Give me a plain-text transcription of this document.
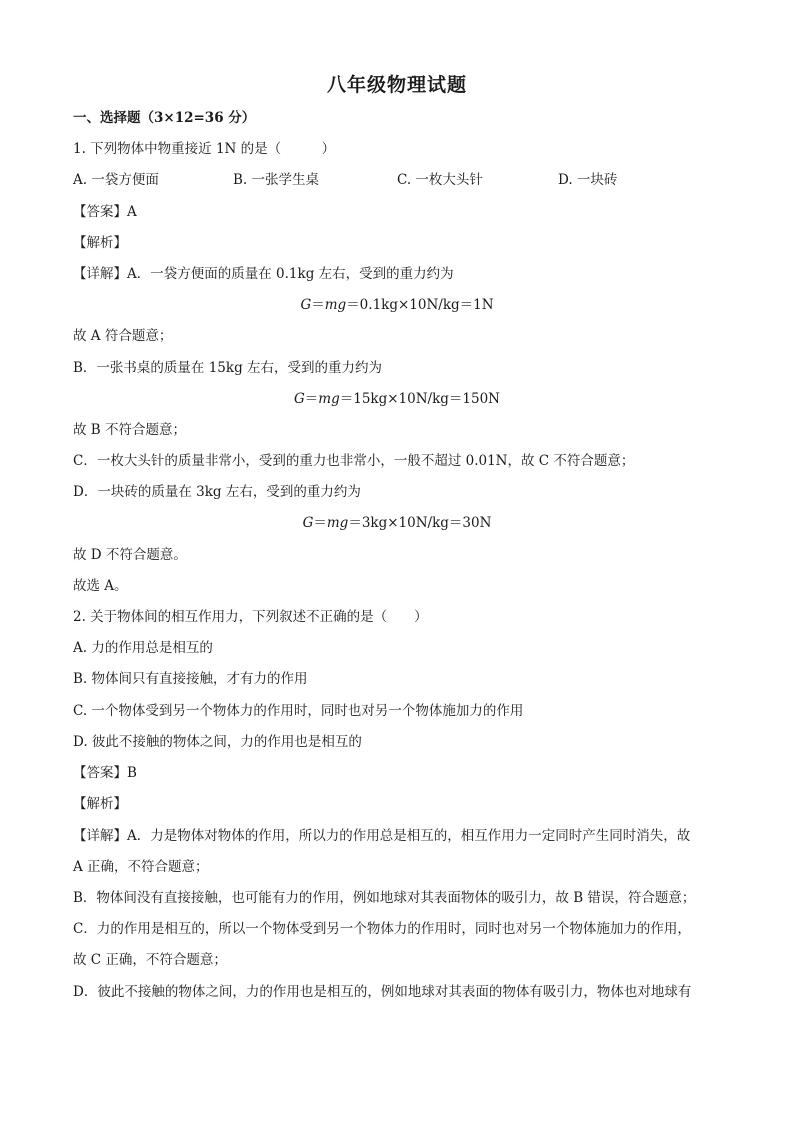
八年级物理试题
一、选择题（3×12=36 分）
1. 下列物体中物重接近 1N 的是（　　　）
A. 一袋方便面	B. 一张学生桌	C. 一枚大头针	D. 一块砖
【答案】A
【解析】
【详解】A．一袋方便面的质量在 0.1kg 左右，受到的重力约为
G＝mg＝0.1kg×10N/kg＝1N
故 A 符合题意；
B．一张书桌的质量在 15kg 左右，受到的重力约为
G＝mg＝15kg×10N/kg＝150N
故 B 不符合题意；
C．一枚大头针的质量非常小，受到的重力也非常小，一般不超过 0.01N，故 C 不符合题意；
D．一块砖的质量在 3kg 左右，受到的重力约为
G＝mg＝3kg×10N/kg＝30N
故 D 不符合题意。
故选 A。
2. 关于物体间的相互作用力，下列叙述不正确的是（　　）
A. 力的作用总是相互的
B. 物体间只有直接接触，才有力的作用
C. 一个物体受到另一个物体力的作用时，同时也对另一个物体施加力的作用
D. 彼此不接触的物体之间，力的作用也是相互的
【答案】B
【解析】
【详解】A．力是物体对物体的作用，所以力的作用总是相互的，相互作用力一定同时产生同时消失，故
A 正确，不符合题意；
B．物体间没有直接接触，也可能有力的作用，例如地球对其表面物体的吸引力，故 B 错误，符合题意；
C．力的作用是相互的，所以一个物体受到另一个物体力的作用时，同时也对另一个物体施加力的作用，
故 C 正确，不符合题意；
D．彼此不接触的物体之间，力的作用也是相互的，例如地球对其表面的物体有吸引力，物体也对地球有
